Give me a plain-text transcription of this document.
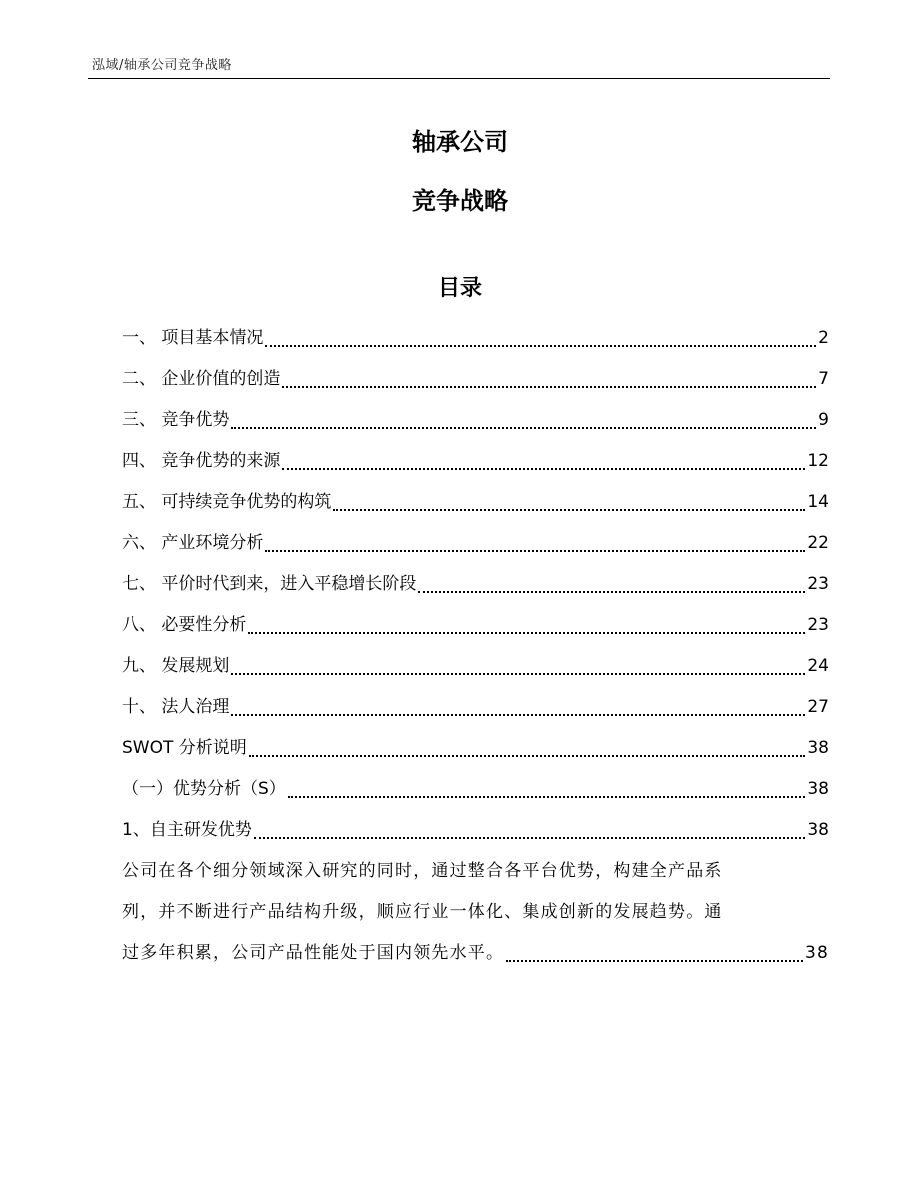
泓域/轴承公司竞争战略
轴承公司
竞争战略
目录
一、 项目基本情况	2
二、 企业价值的创造	7
三、 竞争优势	9
四、 竞争优势的来源	12
五、 可持续竞争优势的构筑	14
六、 产业环境分析	22
七、 平价时代到来，进入平稳增长阶段	23
八、 必要性分析	23
九、 发展规划	24
十、 法人治理	27
SWOT 分析说明	38
（一）优势分析（S）	38
1、自主研发优势	38
公司在各个细分领域深入研究的同时，通过整合各平台优势，构建全产品系
列，并不断进行产品结构升级，顺应行业一体化、集成创新的发展趋势。通
过多年积累，公司产品性能处于国内领先水平。	38
